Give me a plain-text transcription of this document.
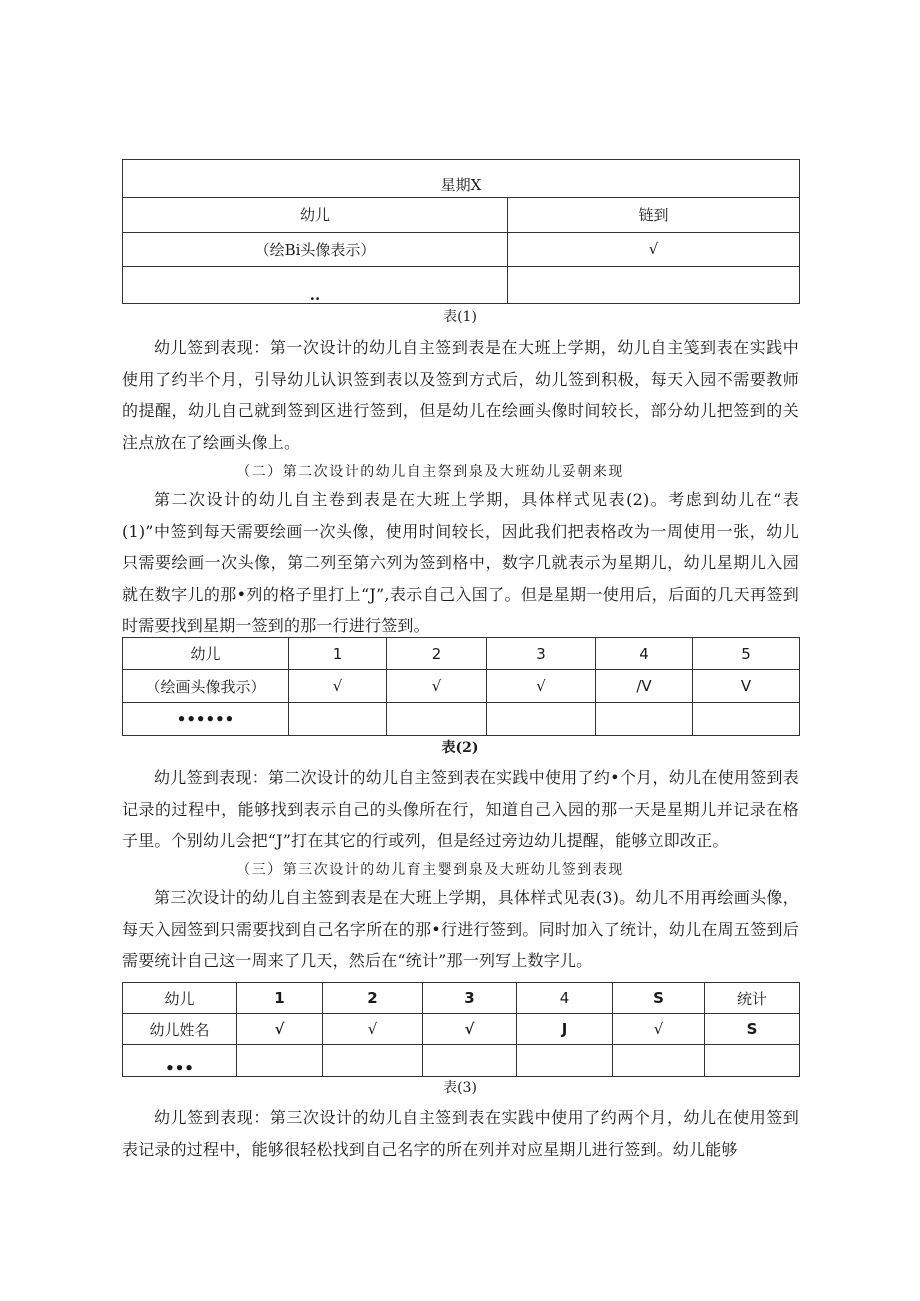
星期X	
幼儿	链到
（绘Bi头像表示）	√
..	
表(1)

幼儿签到表现：第一次设计的幼儿自主签到表是在大班上学期，幼儿自主笺到表在实践中使用了约半个月，引导幼儿认识签到表以及签到方式后，幼儿签到积极，每天入园不需要教师的提醒，幼儿自己就到签到区进行签到，但是幼儿在绘画头像时间较长，部分幼儿把签到的关注点放在了绘画头像上。

（二）第二次设计的幼儿自主祭到泉及大班幼儿妥朝来现

第二次设计的幼儿自主卷到表是在大班上学期，具体样式见表(2)。考虑到幼儿在“表(1)”中签到每天需要绘画一次头像，使用时间较长，因此我们把表格改为一周使用一张，幼儿只需要绘画一次头像，第二列至第六列为签到格中，数字几就表示为星期儿，幼儿星期儿入园就在数字儿的那•列的格子里打上“J”,表示自己入国了。但是星期一使用后，后面的几天再签到时需要找到星期一签到的那一行进行签到。

幼儿	1	2	3	4	5
（绘画头像我示）	√	√	√	/V	V
••••••					
表(2)

幼儿签到表现：第二次设计的幼儿自主签到表在实践中使用了约•个月，幼儿在使用签到表记录的过程中，能够找到表示自己的头像所在行，知道自己入园的那一天是星期儿并记录在格子里。个别幼儿会把“J”打在其它的行或列，但是经过旁边幼儿提醒，能够立即改正。

（三）第三次设计的幼儿育主婴到泉及大班幼儿签到表现

第三次设计的幼儿自主签到表是在大班上学期，具体样式见表(3)。幼儿不用再绘画头像，每天入园签到只需要找到自己名字所在的那•行进行签到。同时加入了统计，幼儿在周五签到后需要统计自己这一周来了几天，然后在“统计”那一列写上数字儿。

幼儿	1	2	3	4	S	统计
幼儿姓名	√	√	√	J	√	S
•••						
表(3)

幼儿签到表现：第三次设计的幼儿自主签到表在实践中使用了约两个月，幼儿在使用签到表记录的过程中，能够很轻松找到自己名字的所在列并对应星期儿进行签到。幼儿能够
